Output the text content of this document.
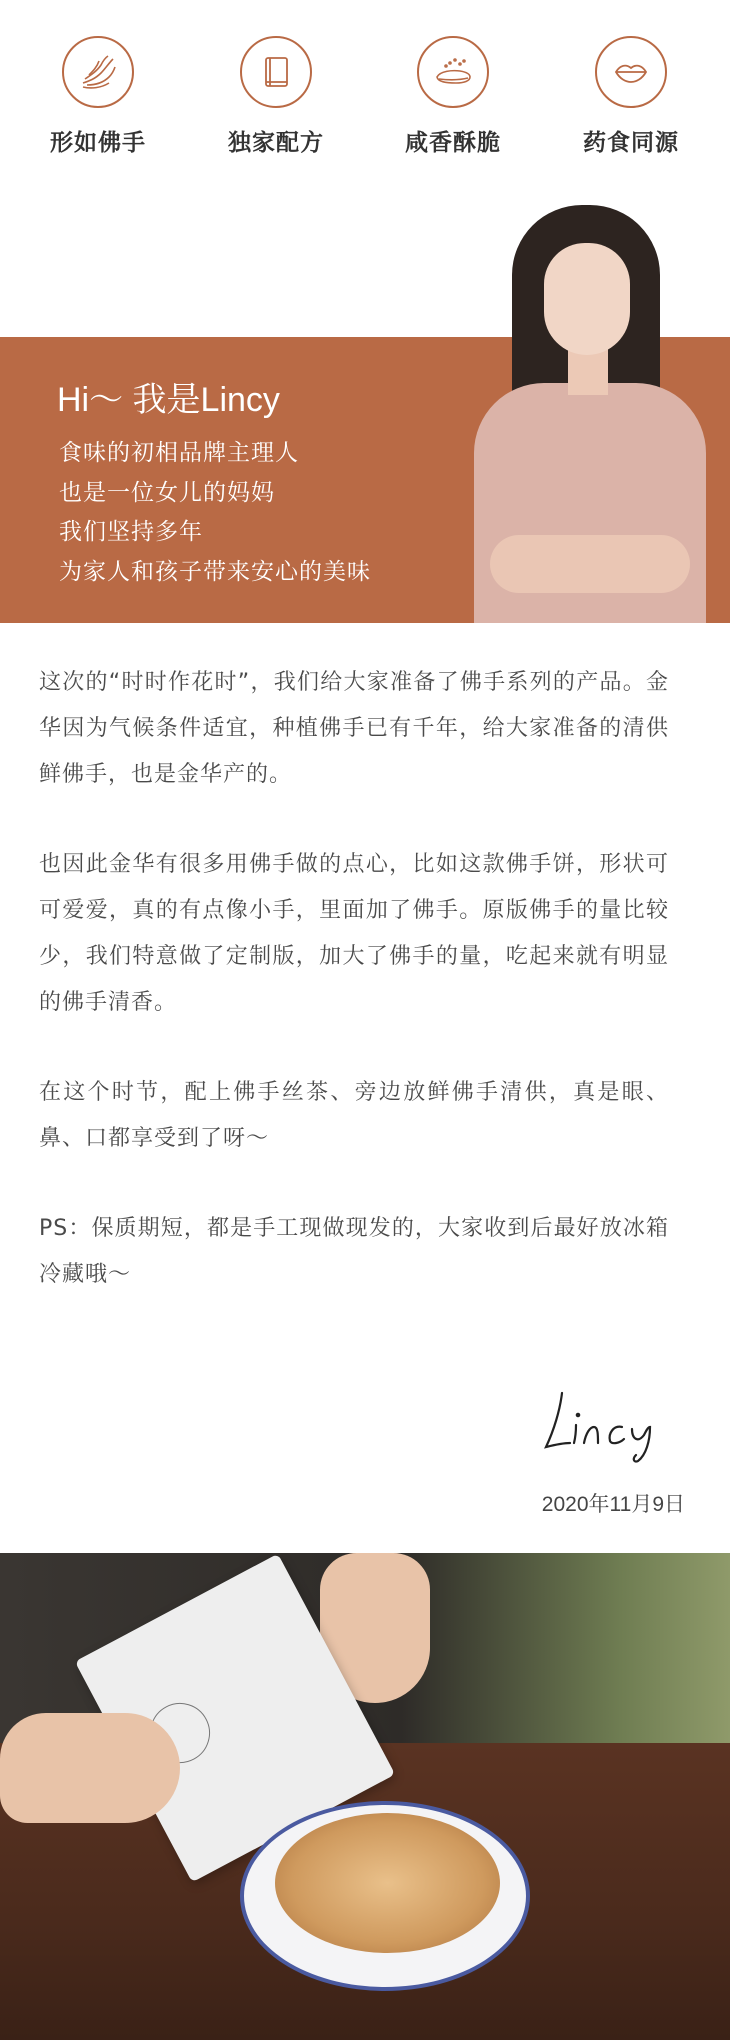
形如佛手	独家配方	咸香酥脆	药食同源
Hi～ 我是Lincy
食味的初相品牌主理人
也是一位女儿的妈妈
我们坚持多年
为家人和孩子带来安心的美味

这次的“时时作花时”，我们给大家准备了佛手系列的产品。金华因为气候条件适宜，种植佛手已有千年，给大家准备的清供鲜佛手，也是金华产的。

也因此金华有很多用佛手做的点心，比如这款佛手饼，形状可可爱爱，真的有点像小手，里面加了佛手。原版佛手的量比较少，我们特意做了定制版，加大了佛手的量，吃起来就有明显的佛手清香。

在这个时节，配上佛手丝茶、旁边放鲜佛手清供，真是眼、鼻、口都享受到了呀～

PS：保质期短，都是手工现做现发的，大家收到后最好放冰箱冷藏哦～

2020年11月9日
